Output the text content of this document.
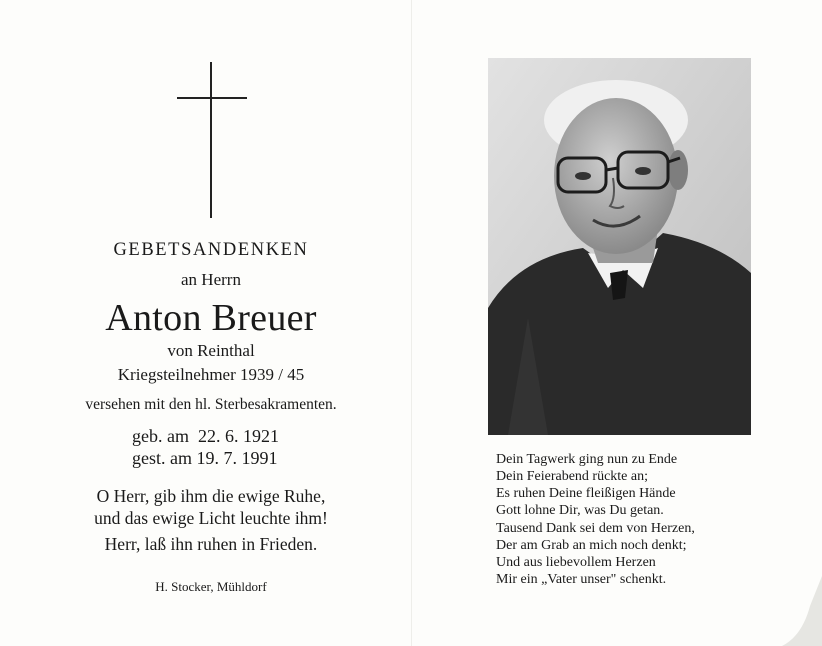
GEBETSANDENKEN
an Herrn
Anton Breuer
von Reinthal
Kriegsteilnehmer 1939 / 45
versehen mit den hl. Sterbesakramenten.
geb. am  22. 6. 1921
gest. am 19. 7. 1991
O Herr, gib ihm die ewige Ruhe,
und das ewige Licht leuchte ihm!
Herr, laß ihn ruhen in Frieden.
H. Stocker, Mühldorf
Dein Tagwerk ging nun zu Ende
Dein Feierabend rückte an;
Es ruhen Deine fleißigen Hände
Gott lohne Dir, was Du getan.
Tausend Dank sei dem von Herzen,
Der am Grab an mich noch denkt;
Und aus liebevollem Herzen
Mir ein „Vater unser" schenkt.
